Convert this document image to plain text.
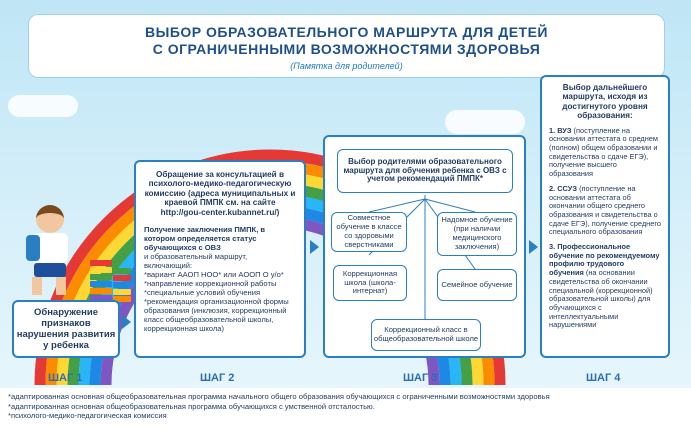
ВЫБОР ОБРАЗОВАТЕЛЬНОГО МАРШРУТА ДЛЯ ДЕТЕЙ
С ОГРАНИЧЕННЫМИ ВОЗМОЖНОСТЯМИ ЗДОРОВЬЯ
(Памятка для родителей)
Обнаружение признаков нарушения развития у ребенка
Обращение за консультацией в психолого-медико-педагогическую комиссию (адреса муниципальных и краевой ПМПК см. на сайте http://gou-center.kubannet.ru/)
Получение заключения ПМПК, в котором определяется статус обучающихся с ОВЗ
и образовательный маршрут, включающий:
*вариант ААОП НОО* или АООП О у/о*
*направление коррекционной работы
*специальные условий обучения
*рекомендация организационной формы образования (инклюзия, коррекционный класс общеобразовательной школы, коррекционная школа)
Выбор родителями образовательного маршрута для обучения ребенка с ОВЗ с учетом рекомендаций ПМПК*
Совместное обучение в классе со здоровыми сверстниками
Надомное обучение (при наличии медицинского заключения)
Коррекционная школа (школа-интернат)
Семейное обучение
Коррекционный класс в общеобразовательной школе
Выбор дальнейшего маршрута, исходя из достигнутого уровня образования:
1. ВУЗ (поступление на основании аттестата о среднем (полном) общем образовании и свидетельства о сдаче ЕГЭ), получение высшего образования
2. ССУЗ (поступление на основании аттестата об окончании общего среднего образования и свидетельства о сдаче ЕГЭ), получение среднего специального образования
3. Профессиональное обучение по рекомендуемому профилю трудового обучения (на основании свидетельства об окончании специальной (коррекционной) образовательной школы) для обучающихся с интеллектуальными нарушениями
ШАГ 1	ШАГ 2	ШАГ 3	ШАГ 4
*адаптированная основная общеобразовательная программа начального общего образования обучающихся с ограниченными возможностями здоровья
*адаптированная основная общеобразовательная программа обучающихся с умственной отсталостью.
*психолого-медико-педагогическая комиссия
